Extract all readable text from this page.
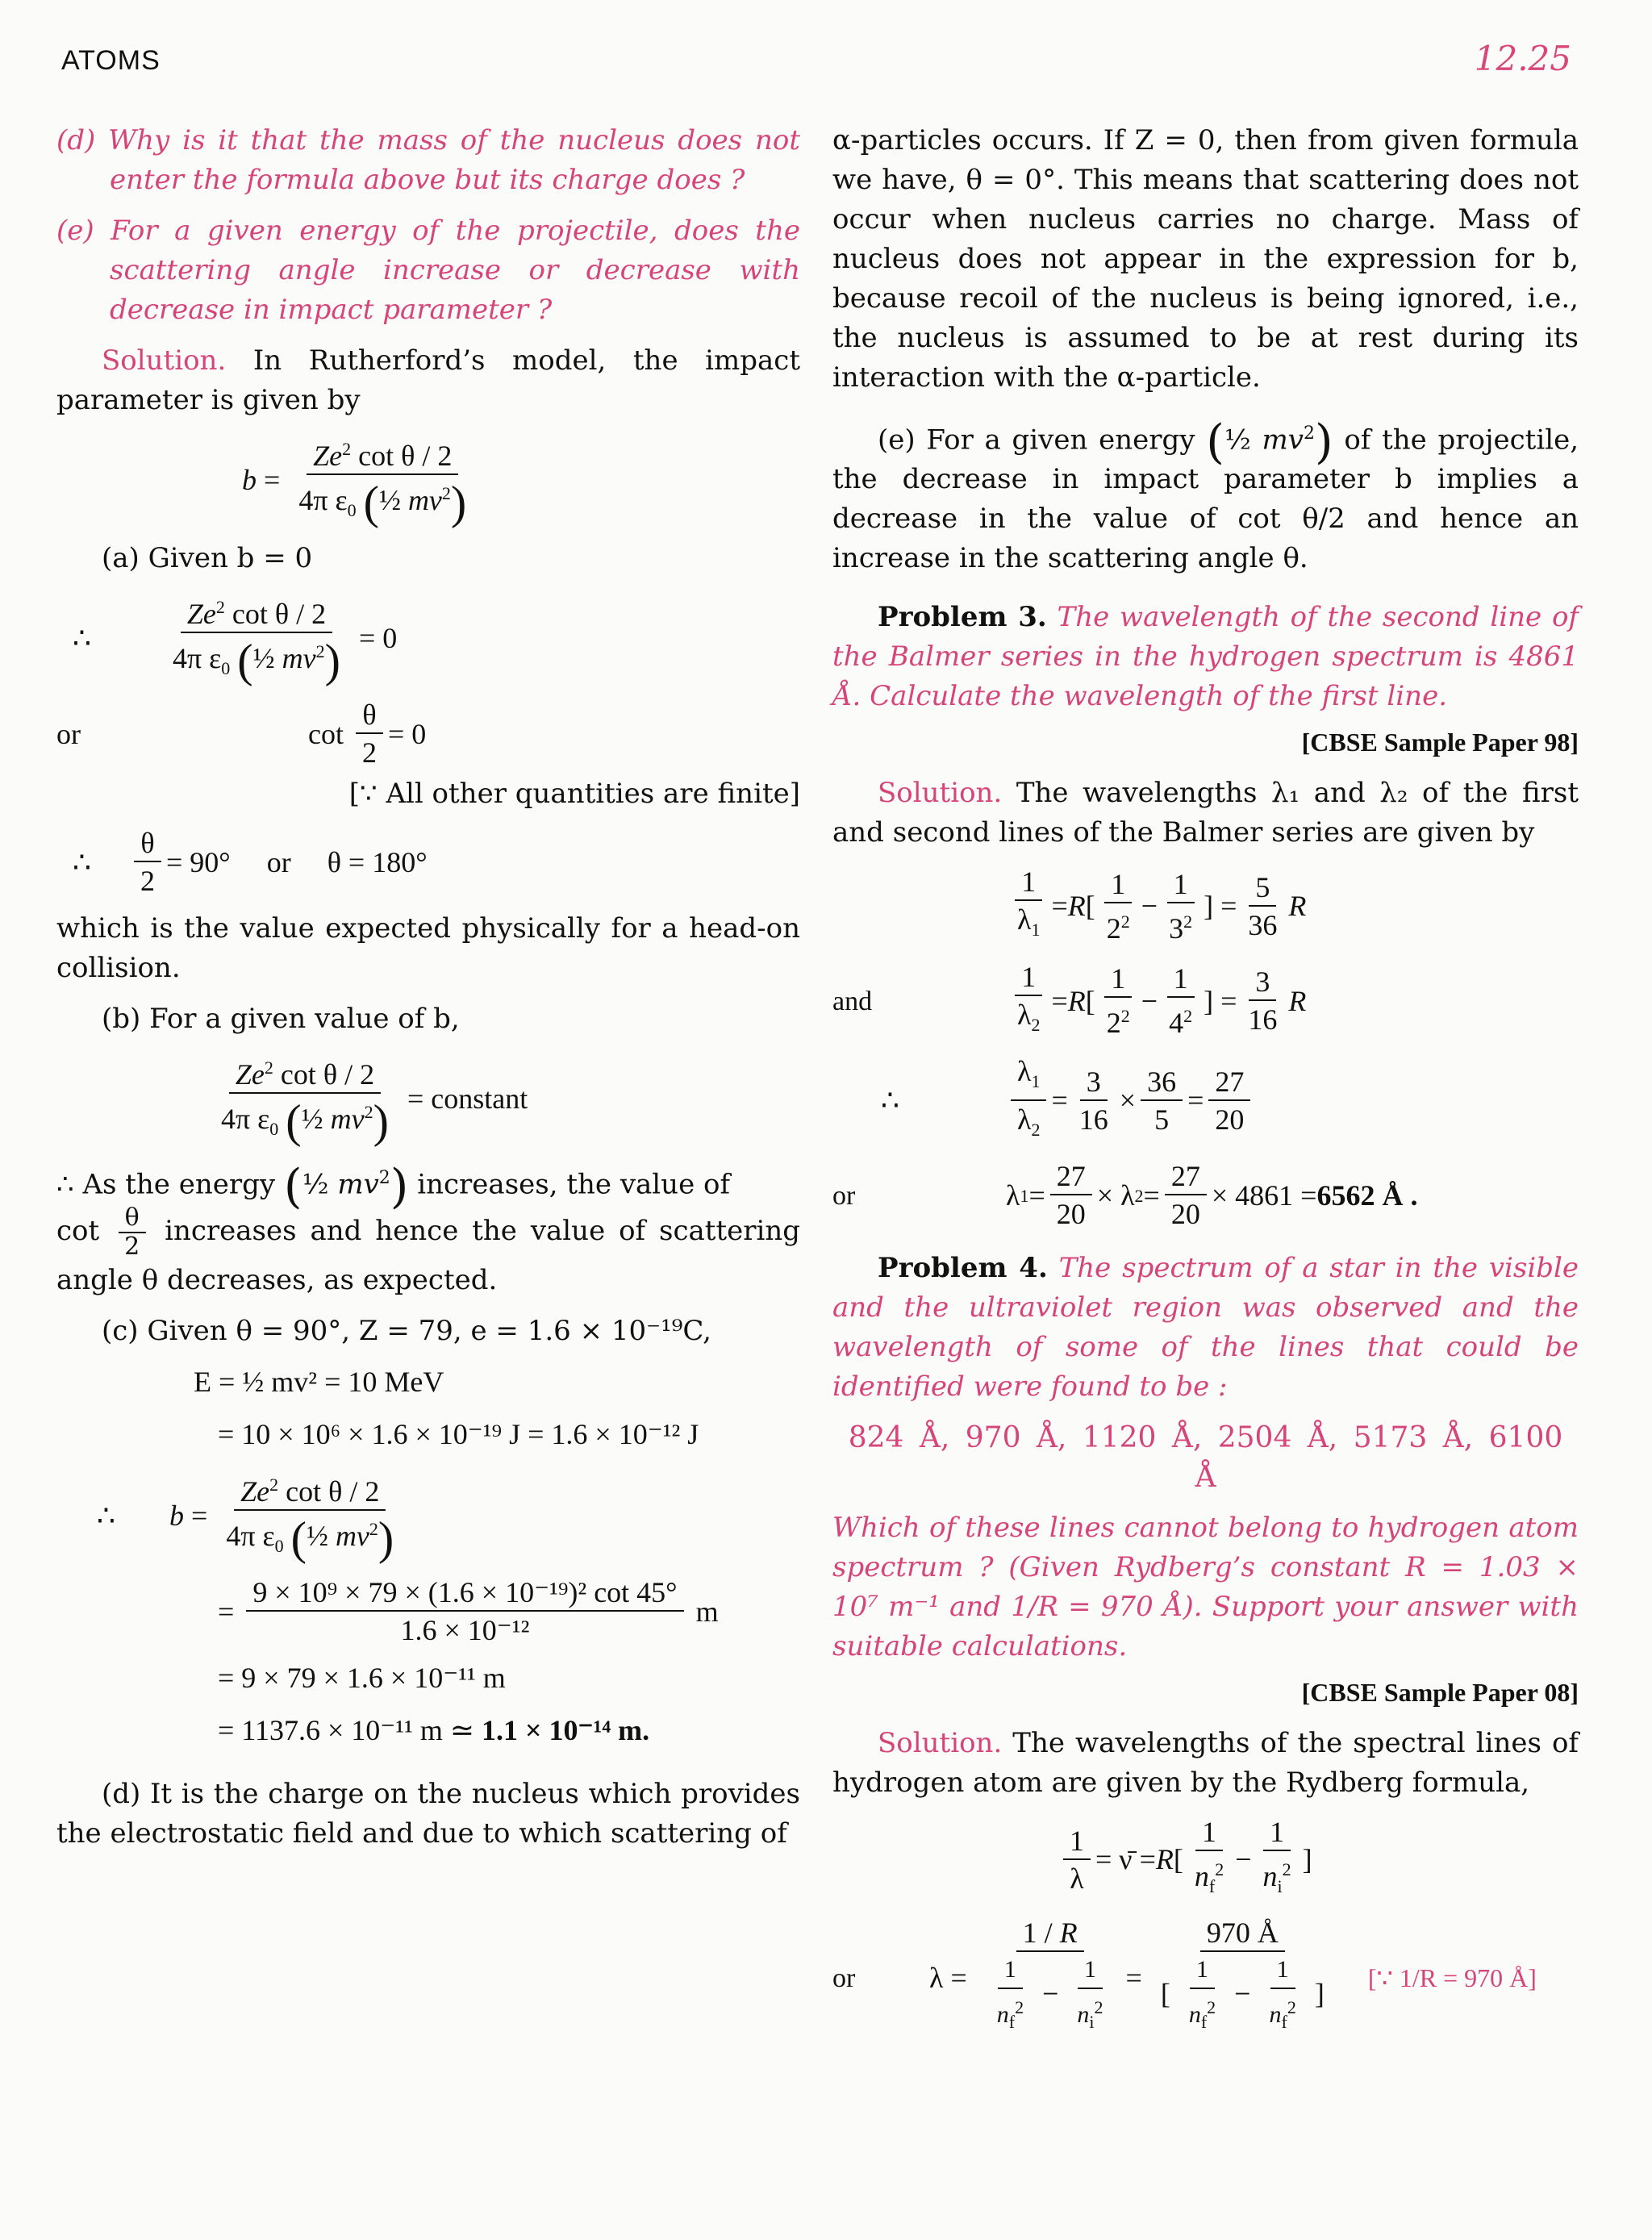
ATOMS	12.25

(d) Why is it that the mass of the nucleus does not enter the formula above but its charge does ?

(e) For a given energy of the projectile, does the scattering angle increase or decrease with decrease in impact parameter ?

Solution. In Rutherford’s model, the impact parameter is given by

$b = \frac{Ze^2 \cot \theta / 2}{4\pi \varepsilon_0 (\frac{1}{2} mv^2)}$

(a) Given b = 0

∴	$\frac{Ze^2 \cot \theta / 2}{4\pi \varepsilon_0 (\frac{1}{2} mv^2)} = 0$
or	$\cot \frac{\theta}{2} = 0$

[∵ All other quantities are finite]

∴	$\frac{\theta}{2} = 90^\circ$     or     θ = 180°

which is the value expected physically for a head-on collision.

(b) For a given value of b,

$\frac{Ze^2 \cot \theta / 2}{4\pi \varepsilon_0 (\frac{1}{2} mv^2)}$ = constant

∴ As the energy (½ $mv^2$) increases, the value of
$\cot \frac{\theta}{2}$ increases and hence the value of scattering angle θ decreases, as expected.

(c) Given θ = 90°, Z = 79, e = 1.6 × 10⁻¹⁹C,

E = ½ mv² = 10 MeV
= 10 × 10⁶ × 1.6 × 10⁻¹⁹ J = 1.6 × 10⁻¹² J
∴	$b = \frac{Ze^2 \cot \theta / 2}{4\pi \varepsilon_0 (\frac{1}{2} mv^2)}$
= $\frac{\text{9 × 10⁹ × 79 × (1.6 × 10⁻¹⁹)² cot 45°}}{\text{1.6 × 10⁻¹²}}$ m
= 9 × 79 × 1.6 × 10⁻¹¹ m
= 1137.6 × 10⁻¹¹ m ≃ 1.1 × 10⁻¹⁴ m.

(d) It is the charge on the nucleus which provides the electrostatic field and due to which scattering of

α-particles occurs. If Z = 0, then from given formula we have, θ = 0°. This means that scattering does not occur when nucleus carries no charge. Mass of nucleus does not appear in the expression for b, because recoil of the nucleus is being ignored, i.e., the nucleus is assumed to be at rest during its interaction with the α-particle.

(e) For a given energy (½ $mv^2$) of the projectile, the decrease in impact parameter b implies a decrease in the value of cot θ/2 and hence an increase in the scattering angle θ.

Problem 3. The wavelength of the second line of the Balmer series in the hydrogen spectrum is 4861 Å. Calculate the wavelength of the first line.

[CBSE Sample Paper 98]

Solution. The wavelengths λ₁ and λ₂ of the first and second lines of the Balmer series are given by

$\frac{1}{\lambda_1} = R$ [ $\frac{1}{2^2} - \frac{1}{3^2}$ ] = $\frac{5}{36}$ R
and	$\frac{1}{\lambda_2} = R$ [ $\frac{1}{2^2} - \frac{1}{4^2}$ ] = $\frac{3}{16}$ R
∴	$\frac{\lambda_1}{\lambda_2} = \frac{3}{16} \times \frac{36}{5} = \frac{27}{20}$
or	λ $1 = \frac{27}{20} \times \lambda$ $2 = \frac{27}{20} \times 4861 = 6562$ Å .

Problem 4. The spectrum of a star in the visible and the ultraviolet region was observed and the wavelength of some of the lines that could be identified were found to be :

824 Å, 970 Å, 1120 Å, 2504 Å, 5173 Å, 6100 Å

Which of these lines cannot belong to hydrogen atom spectrum ? (Given Rydberg’s constant R = 1.03 × 10⁷ m⁻¹ and 1/R = 970 Å). Support your answer with suitable calculations.

[CBSE Sample Paper 08]

Solution. The wavelengths of the spectral lines of hydrogen atom are given by the Rydberg formula,

$\frac{1}{\lambda}$ = ν̄ = R [ $\frac{1}{n_f^2} - \frac{1}{n_i^2}$ ]
or	$\lambda = \frac{1 / R}{\frac{1}{n_f^2} - \frac{1}{n_i^2}} = \frac{970 Å}{[ \frac{1}{n_f^2} - \frac{1}{n_f^2} ]}$ [∵ 1/R = 970 Å]
